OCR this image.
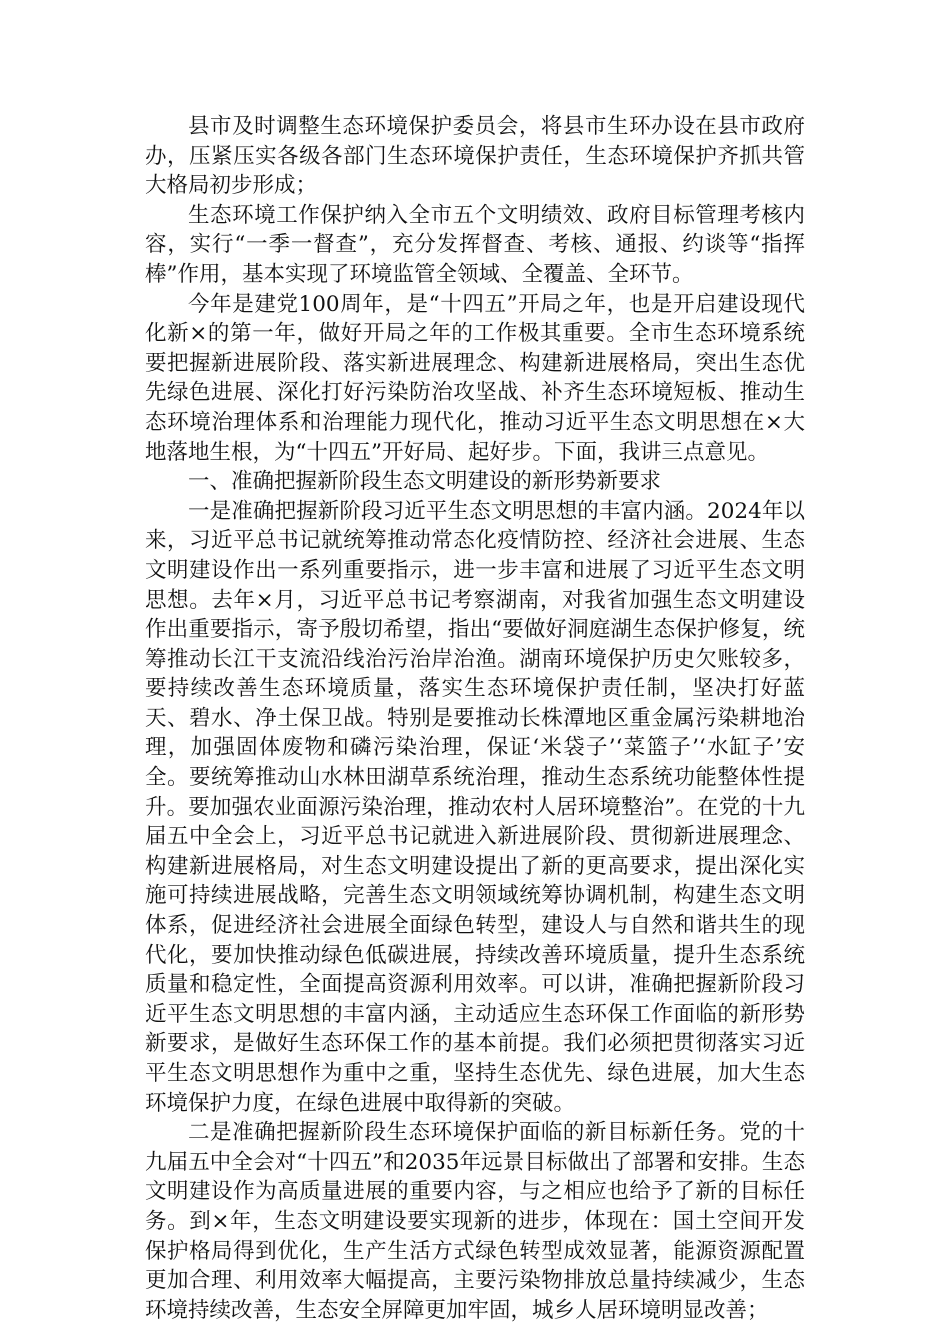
县市及时调整生态环境保护委员会，将县市生环办设在县市政府办，压紧压实各级各部门生态环境保护责任，生态环境保护齐抓共管大格局初步形成；

生态环境工作保护纳入全市五个文明绩效、政府目标管理考核内容，实行“一季一督查”，充分发挥督查、考核、通报、约谈等“指挥棒”作用，基本实现了环境监管全领域、全覆盖、全环节。

今年是建党100周年，是“十四五”开局之年，也是开启建设现代化新×的第一年，做好开局之年的工作极其重要。全市生态环境系统要把握新进展阶段、落实新进展理念、构建新进展格局，突出生态优先绿色进展、深化打好污染防治攻坚战、补齐生态环境短板、推动生态环境治理体系和治理能力现代化，推动习近平生态文明思想在×大地落地生根，为“十四五”开好局、起好步。下面，我讲三点意见。

一、准确把握新阶段生态文明建设的新形势新要求

一是准确把握新阶段习近平生态文明思想的丰富内涵。2024年以来，习近平总书记就统筹推动常态化疫情防控、经济社会进展、生态文明建设作出一系列重要指示，进一步丰富和进展了习近平生态文明思想。去年×月，习近平总书记考察湖南，对我省加强生态文明建设作出重要指示，寄予殷切希望，指出“要做好洞庭湖生态保护修复，统筹推动长江干支流沿线治污治岸治渔。湖南环境保护历史欠账较多，要持续改善生态环境质量，落实生态环境保护责任制，坚决打好蓝天、碧水、净土保卫战。特别是要推动长株潭地区重金属污染耕地治理，加强固体废物和磷污染治理，保证‘米袋子’‘菜篮子’‘水缸子’安全。要统筹推动山水林田湖草系统治理，推动生态系统功能整体性提升。要加强农业面源污染治理，推动农村人居环境整治”。在党的十九届五中全会上，习近平总书记就进入新进展阶段、贯彻新进展理念、构建新进展格局，对生态文明建设提出了新的更高要求，提出深化实施可持续进展战略，完善生态文明领域统筹协调机制，构建生态文明体系，促进经济社会进展全面绿色转型，建设人与自然和谐共生的现代化，要加快推动绿色低碳进展，持续改善环境质量，提升生态系统质量和稳定性，全面提高资源利用效率。可以讲，准确把握新阶段习近平生态文明思想的丰富内涵，主动适应生态环保工作面临的新形势新要求，是做好生态环保工作的基本前提。我们必须把贯彻落实习近平生态文明思想作为重中之重，坚持生态优先、绿色进展，加大生态环境保护力度，在绿色进展中取得新的突破。

二是准确把握新阶段生态环境保护面临的新目标新任务。党的十九届五中全会对“十四五”和2035年远景目标做出了部署和安排。生态文明建设作为高质量进展的重要内容，与之相应也给予了新的目标任务。到×年，生态文明建设要实现新的进步，体现在：国土空间开发保护格局得到优化，生产生活方式绿色转型成效显著，能源资源配置更加合理、利用效率大幅提高，主要污染物排放总量持续减少，生态环境持续改善，生态安全屏障更加牢固，城乡人居环境明显改善；
